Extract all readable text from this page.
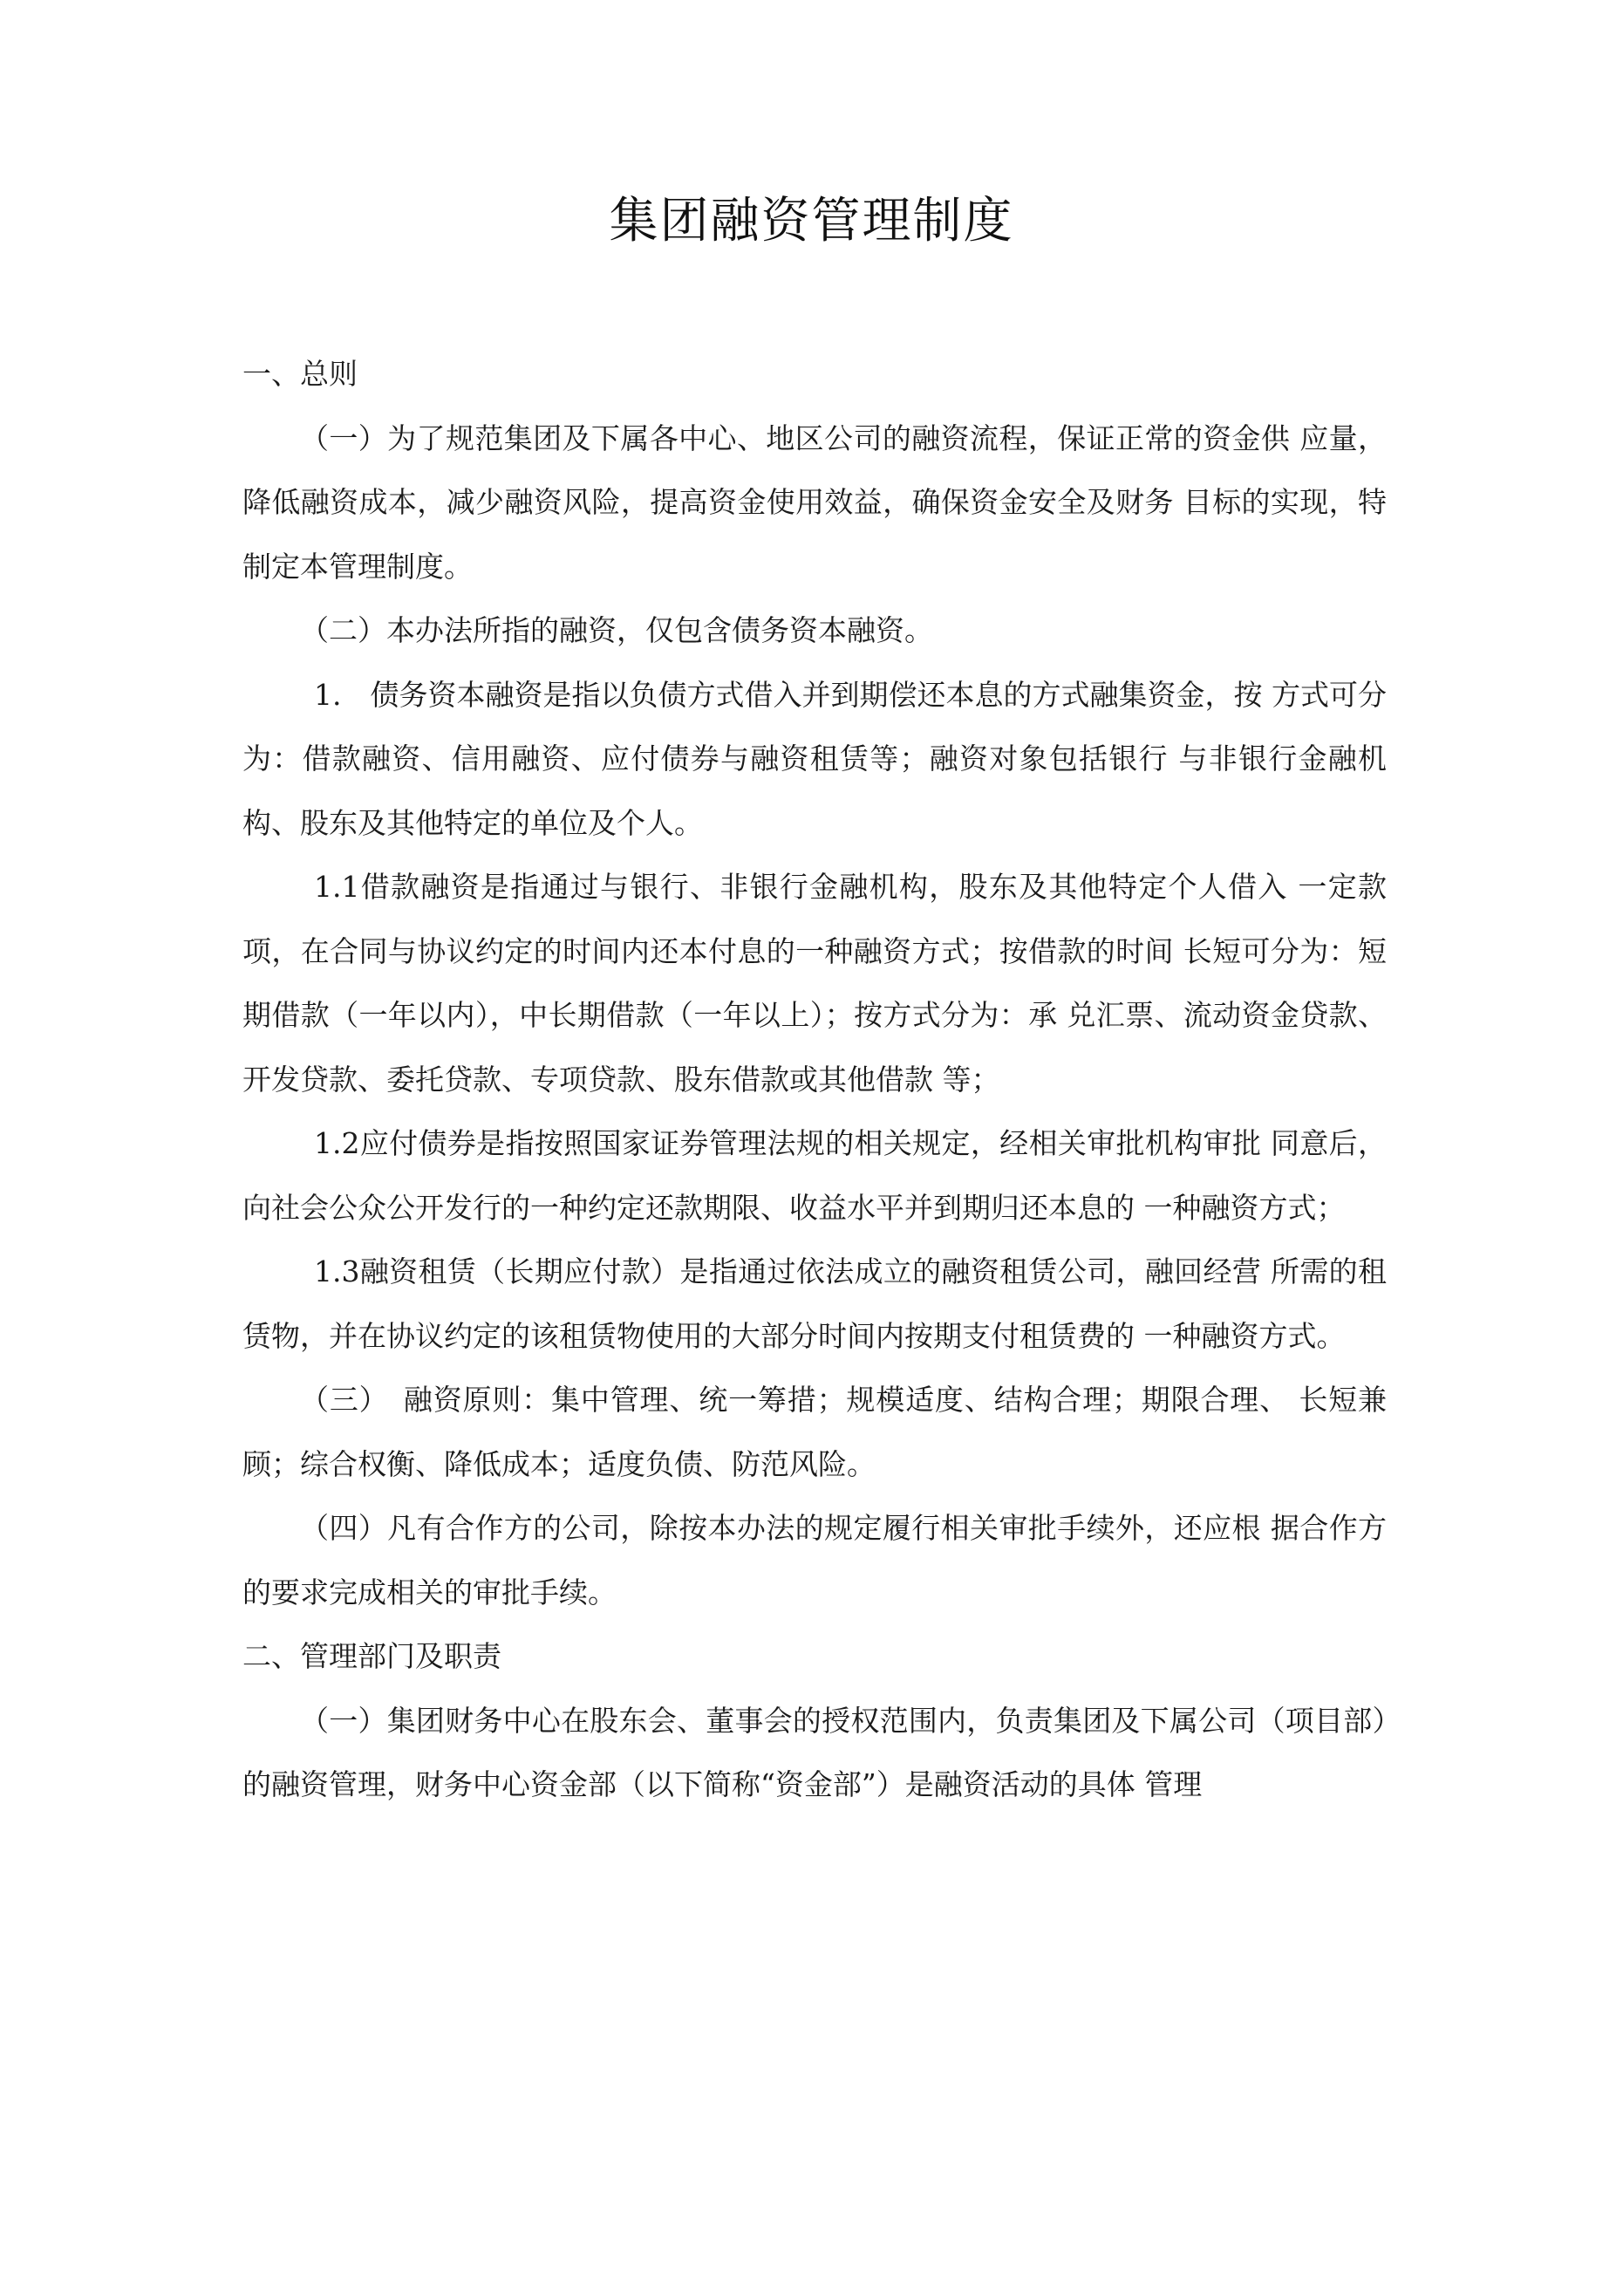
集团融资管理制度

一、总则

（一）为了规范集团及下属各中心、地区公司的融资流程，保证正常的资金供 应量，降低融资成本，减少融资风险，提高资金使用效益，确保资金安全及财务 目标的实现，特制定本管理制度。

（二）本办法所指的融资，仅包含债务资本融资。

1.　债务资本融资是指以负债方式借入并到期偿还本息的方式融集资金，按 方式可分为：借款融资、信用融资、应付债券与融资租赁等；融资对象包括银行 与非银行金融机构、股东及其他特定的单位及个人。

1.1借款融资是指通过与银行、非银行金融机构，股东及其他特定个人借入 一定款项，在合同与协议约定的时间内还本付息的一种融资方式；按借款的时间 长短可分为：短期借款（一年以内），中长期借款（一年以上）；按方式分为：承 兑汇票、流动资金贷款、开发贷款、委托贷款、专项贷款、股东借款或其他借款 等；

1.2应付债券是指按照国家证券管理法规的相关规定，经相关审批机构审批 同意后，向社会公众公开发行的一种约定还款期限、收益水平并到期归还本息的 一种融资方式；

1.3融资租赁（长期应付款）是指通过依法成立的融资租赁公司，融回经营 所需的租赁物，并在协议约定的该租赁物使用的大部分时间内按期支付租赁费的 一种融资方式。

（三）　融资原则：集中管理、统一筹措；规模适度、结构合理；期限合理、 长短兼顾；综合权衡、降低成本；适度负债、防范风险。

（四）凡有合作方的公司，除按本办法的规定履行相关审批手续外，还应根 据合作方的要求完成相关的审批手续。

二、管理部门及职责

（一）集团财务中心在股东会、董事会的授权范围内，负责集团及下属公司（项目部）的融资管理，财务中心资金部（以下简称“资金部”）是融资活动的具体 管理
